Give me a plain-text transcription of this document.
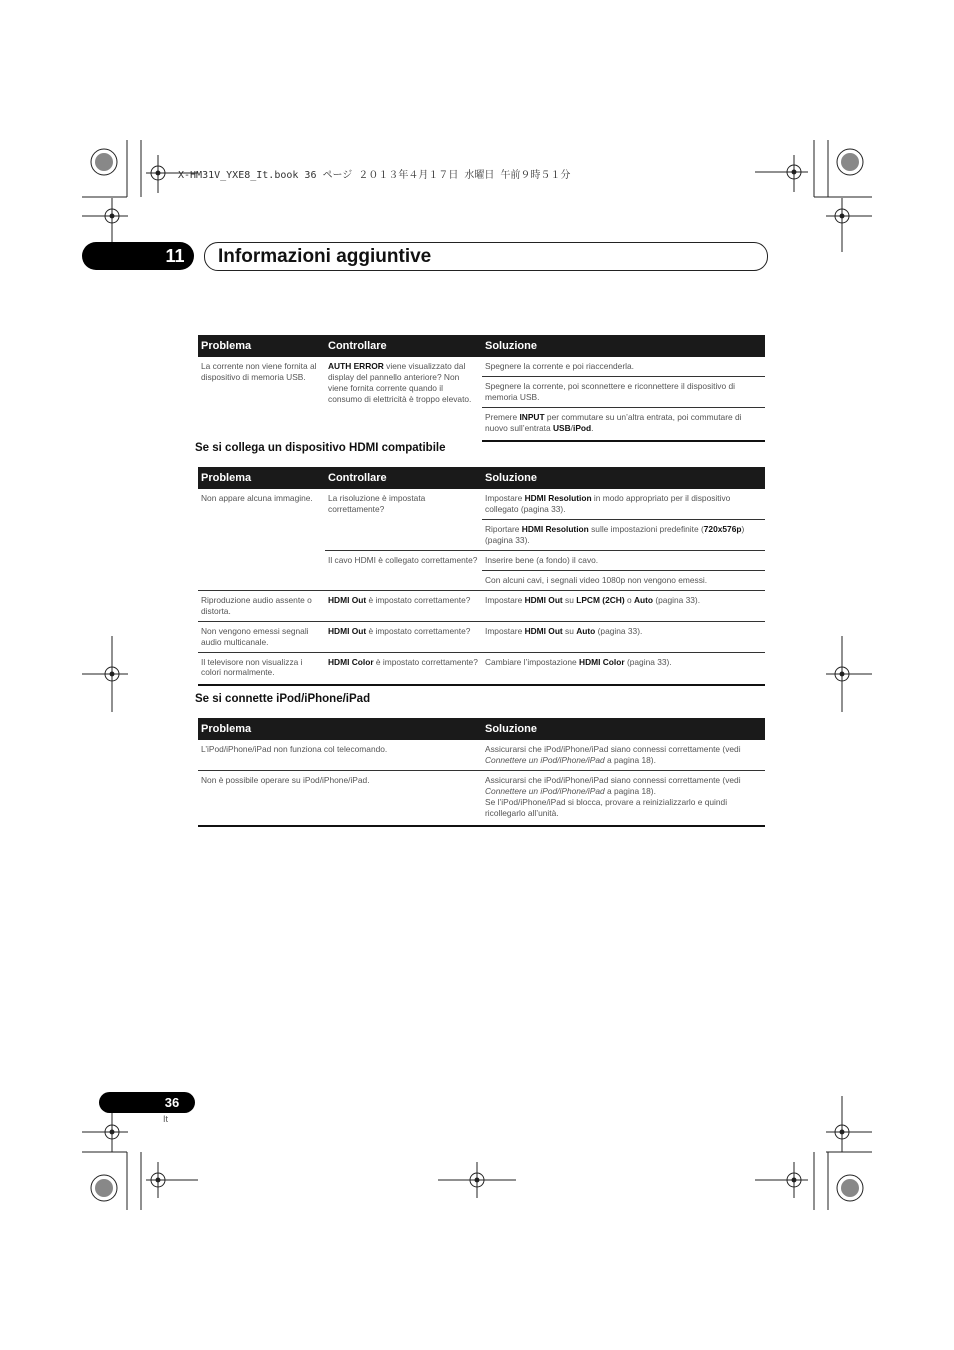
X-HM31V_YXE8_It.book 36 ページ ２０１３年４月１７日 水曜日 午前９時５１分
11 Informazioni aggiuntive
Problema	Controllare	Soluzione
La corrente non viene fornita al dispositivo di memoria USB.	AUTH ERROR viene visualizzato dal display del pannello anteriore? Non viene fornita corrente quando il consumo di elettricità è troppo elevato.	Spegnere la corrente e poi riaccenderla.
		Spegnere la corrente, poi sconnettere e riconnettere il dispositivo di memoria USB.
		Premere INPUT per commutare su un’altra entrata, poi commutare di nuovo sull’entrata USB/iPod.
Se si collega un dispositivo HDMI compatibile
Problema	Controllare	Soluzione
Non appare alcuna immagine.	La risoluzione è impostata correttamente?	Impostare HDMI Resolution in modo appropriato per il dispositivo collegato (pagina 33).
		Riportare HDMI Resolution sulle impostazioni predefinite (720x576p) (pagina 33).
	Il cavo HDMI è collegato correttamente?	Inserire bene (a fondo) il cavo.
		Con alcuni cavi, i segnali video 1080p non vengono emessi.
Riproduzione audio assente o distorta.	HDMI Out è impostato correttamente?	Impostare HDMI Out su LPCM (2CH) o Auto (pagina 33).
Non vengono emessi segnali audio multicanale.	HDMI Out è impostato correttamente?	Impostare HDMI Out su Auto (pagina 33).
Il televisore non visualizza i colori normalmente.	HDMI Color è impostato correttamente?	Cambiare l’impostazione HDMI Color (pagina 33).
Se si connette iPod/iPhone/iPad
Problema	Soluzione
L’iPod/iPhone/iPad non funziona col telecomando.	Assicurarsi che iPod/iPhone/iPad siano connessi correttamente (vedi Connettere un iPod/iPhone/iPad a pagina 18).
Non è possibile operare su iPod/iPhone/iPad.	Assicurarsi che iPod/iPhone/iPad siano connessi correttamente (vedi Connettere un iPod/iPhone/iPad a pagina 18).
Se l’iPod/iPhone/iPad si blocca, provare a reinizializzarlo e quindi ricollegarlo all’unità.
36
It
